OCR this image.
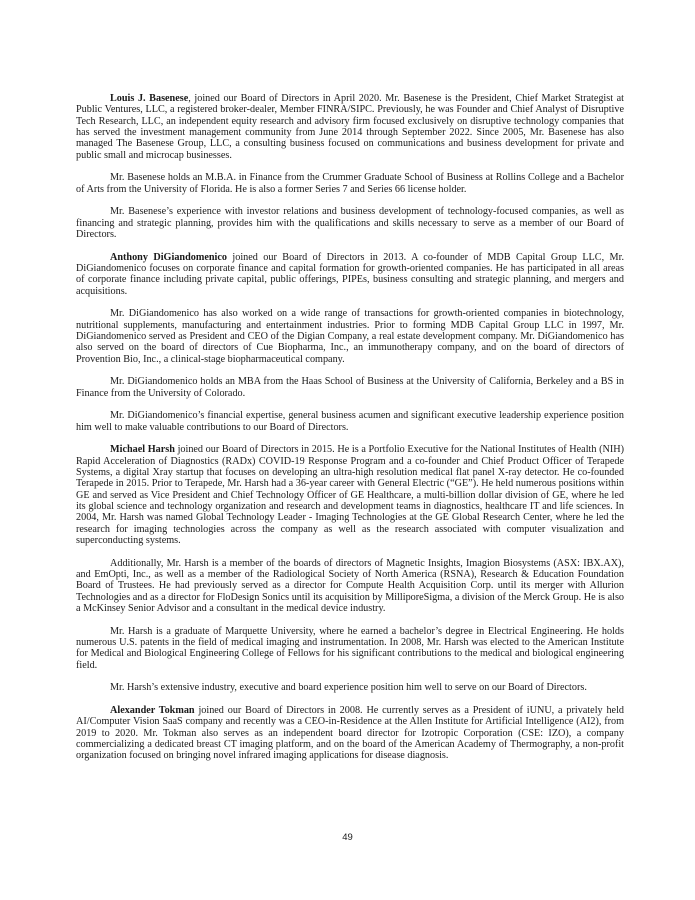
Louis J. Basenese, joined our Board of Directors in April 2020. Mr. Basenese is the President, Chief Market Strategist at Public Ventures, LLC, a registered broker-dealer, Member FINRA/SIPC. Previously, he was Founder and Chief Analyst of Disruptive Tech Research, LLC, an independent equity research and advisory firm focused exclusively on disruptive technology companies that has served the investment management community from June 2014 through September 2022. Since 2005, Mr. Basenese has also managed The Basenese Group, LLC, a consulting business focused on communications and business development for private and public small and microcap businesses.

Mr. Basenese holds an M.B.A. in Finance from the Crummer Graduate School of Business at Rollins College and a Bachelor of Arts from the University of Florida. He is also a former Series 7 and Series 66 license holder.

Mr. Basenese’s experience with investor relations and business development of technology-focused companies, as well as financing and strategic planning, provides him with the qualifications and skills necessary to serve as a member of our Board of Directors.

Anthony DiGiandomenico joined our Board of Directors in 2013. A co-founder of MDB Capital Group LLC, Mr. DiGiandomenico focuses on corporate finance and capital formation for growth-oriented companies. He has participated in all areas of corporate finance including private capital, public offerings, PIPEs, business consulting and strategic planning, and mergers and acquisitions.

Mr. DiGiandomenico has also worked on a wide range of transactions for growth-oriented companies in biotechnology, nutritional supplements, manufacturing and entertainment industries. Prior to forming MDB Capital Group LLC in 1997, Mr. DiGiandomenico served as President and CEO of the Digian Company, a real estate development company. Mr. DiGiandomenico has also served on the board of directors of Cue Biopharma, Inc., an immunotherapy company, and on the board of directors of Provention Bio, Inc., a clinical-stage biopharmaceutical company.

Mr. DiGiandomenico holds an MBA from the Haas School of Business at the University of California, Berkeley and a BS in Finance from the University of Colorado.

Mr. DiGiandomenico’s financial expertise, general business acumen and significant executive leadership experience position him well to make valuable contributions to our Board of Directors.

Michael Harsh joined our Board of Directors in 2015. He is a Portfolio Executive for the National Institutes of Health (NIH) Rapid Acceleration of Diagnostics (RADx) COVID-19 Response Program and a co-founder and Chief Product Officer of Terapede Systems, a digital Xray startup that focuses on developing an ultra-high resolution medical flat panel X-ray detector. He co-founded Terapede in 2015. Prior to Terapede, Mr. Harsh had a 36-year career with General Electric (“GE”). He held numerous positions within GE and served as Vice President and Chief Technology Officer of GE Healthcare, a multi-billion dollar division of GE, where he led its global science and technology organization and research and development teams in diagnostics, healthcare IT and life sciences. In 2004, Mr. Harsh was named Global Technology Leader - Imaging Technologies at the GE Global Research Center, where he led the research for imaging technologies across the company as well as the research associated with computer visualization and superconducting systems.

Additionally, Mr. Harsh is a member of the boards of directors of Magnetic Insights, Imagion Biosystems (ASX: IBX.AX), and EmOpti, Inc., as well as a member of the Radiological Society of North America (RSNA), Research & Education Foundation Board of Trustees. He had previously served as a director for Compute Health Acquisition Corp. until its merger with Allurion Technologies and as a director for FloDesign Sonics until its acquisition by MilliporeSigma, a division of the Merck Group. He is also a McKinsey Senior Advisor and a consultant in the medical device industry.

Mr. Harsh is a graduate of Marquette University, where he earned a bachelor’s degree in Electrical Engineering. He holds numerous U.S. patents in the field of medical imaging and instrumentation. In 2008, Mr. Harsh was elected to the American Institute for Medical and Biological Engineering College of Fellows for his significant contributions to the medical and biological engineering field.

Mr. Harsh’s extensive industry, executive and board experience position him well to serve on our Board of Directors.

Alexander Tokman joined our Board of Directors in 2008. He currently serves as a President of iUNU, a privately held AI/Computer Vision SaaS company and recently was a CEO-in-Residence at the Allen Institute for Artificial Intelligence (AI2), from 2019 to 2020. Mr. Tokman also serves as an independent board director for Izotropic Corporation (CSE: IZO), a company commercializing a dedicated breast CT imaging platform, and on the board of the American Academy of Thermography, a non-profit organization focused on bringing novel infrared imaging applications for disease diagnosis.

49
